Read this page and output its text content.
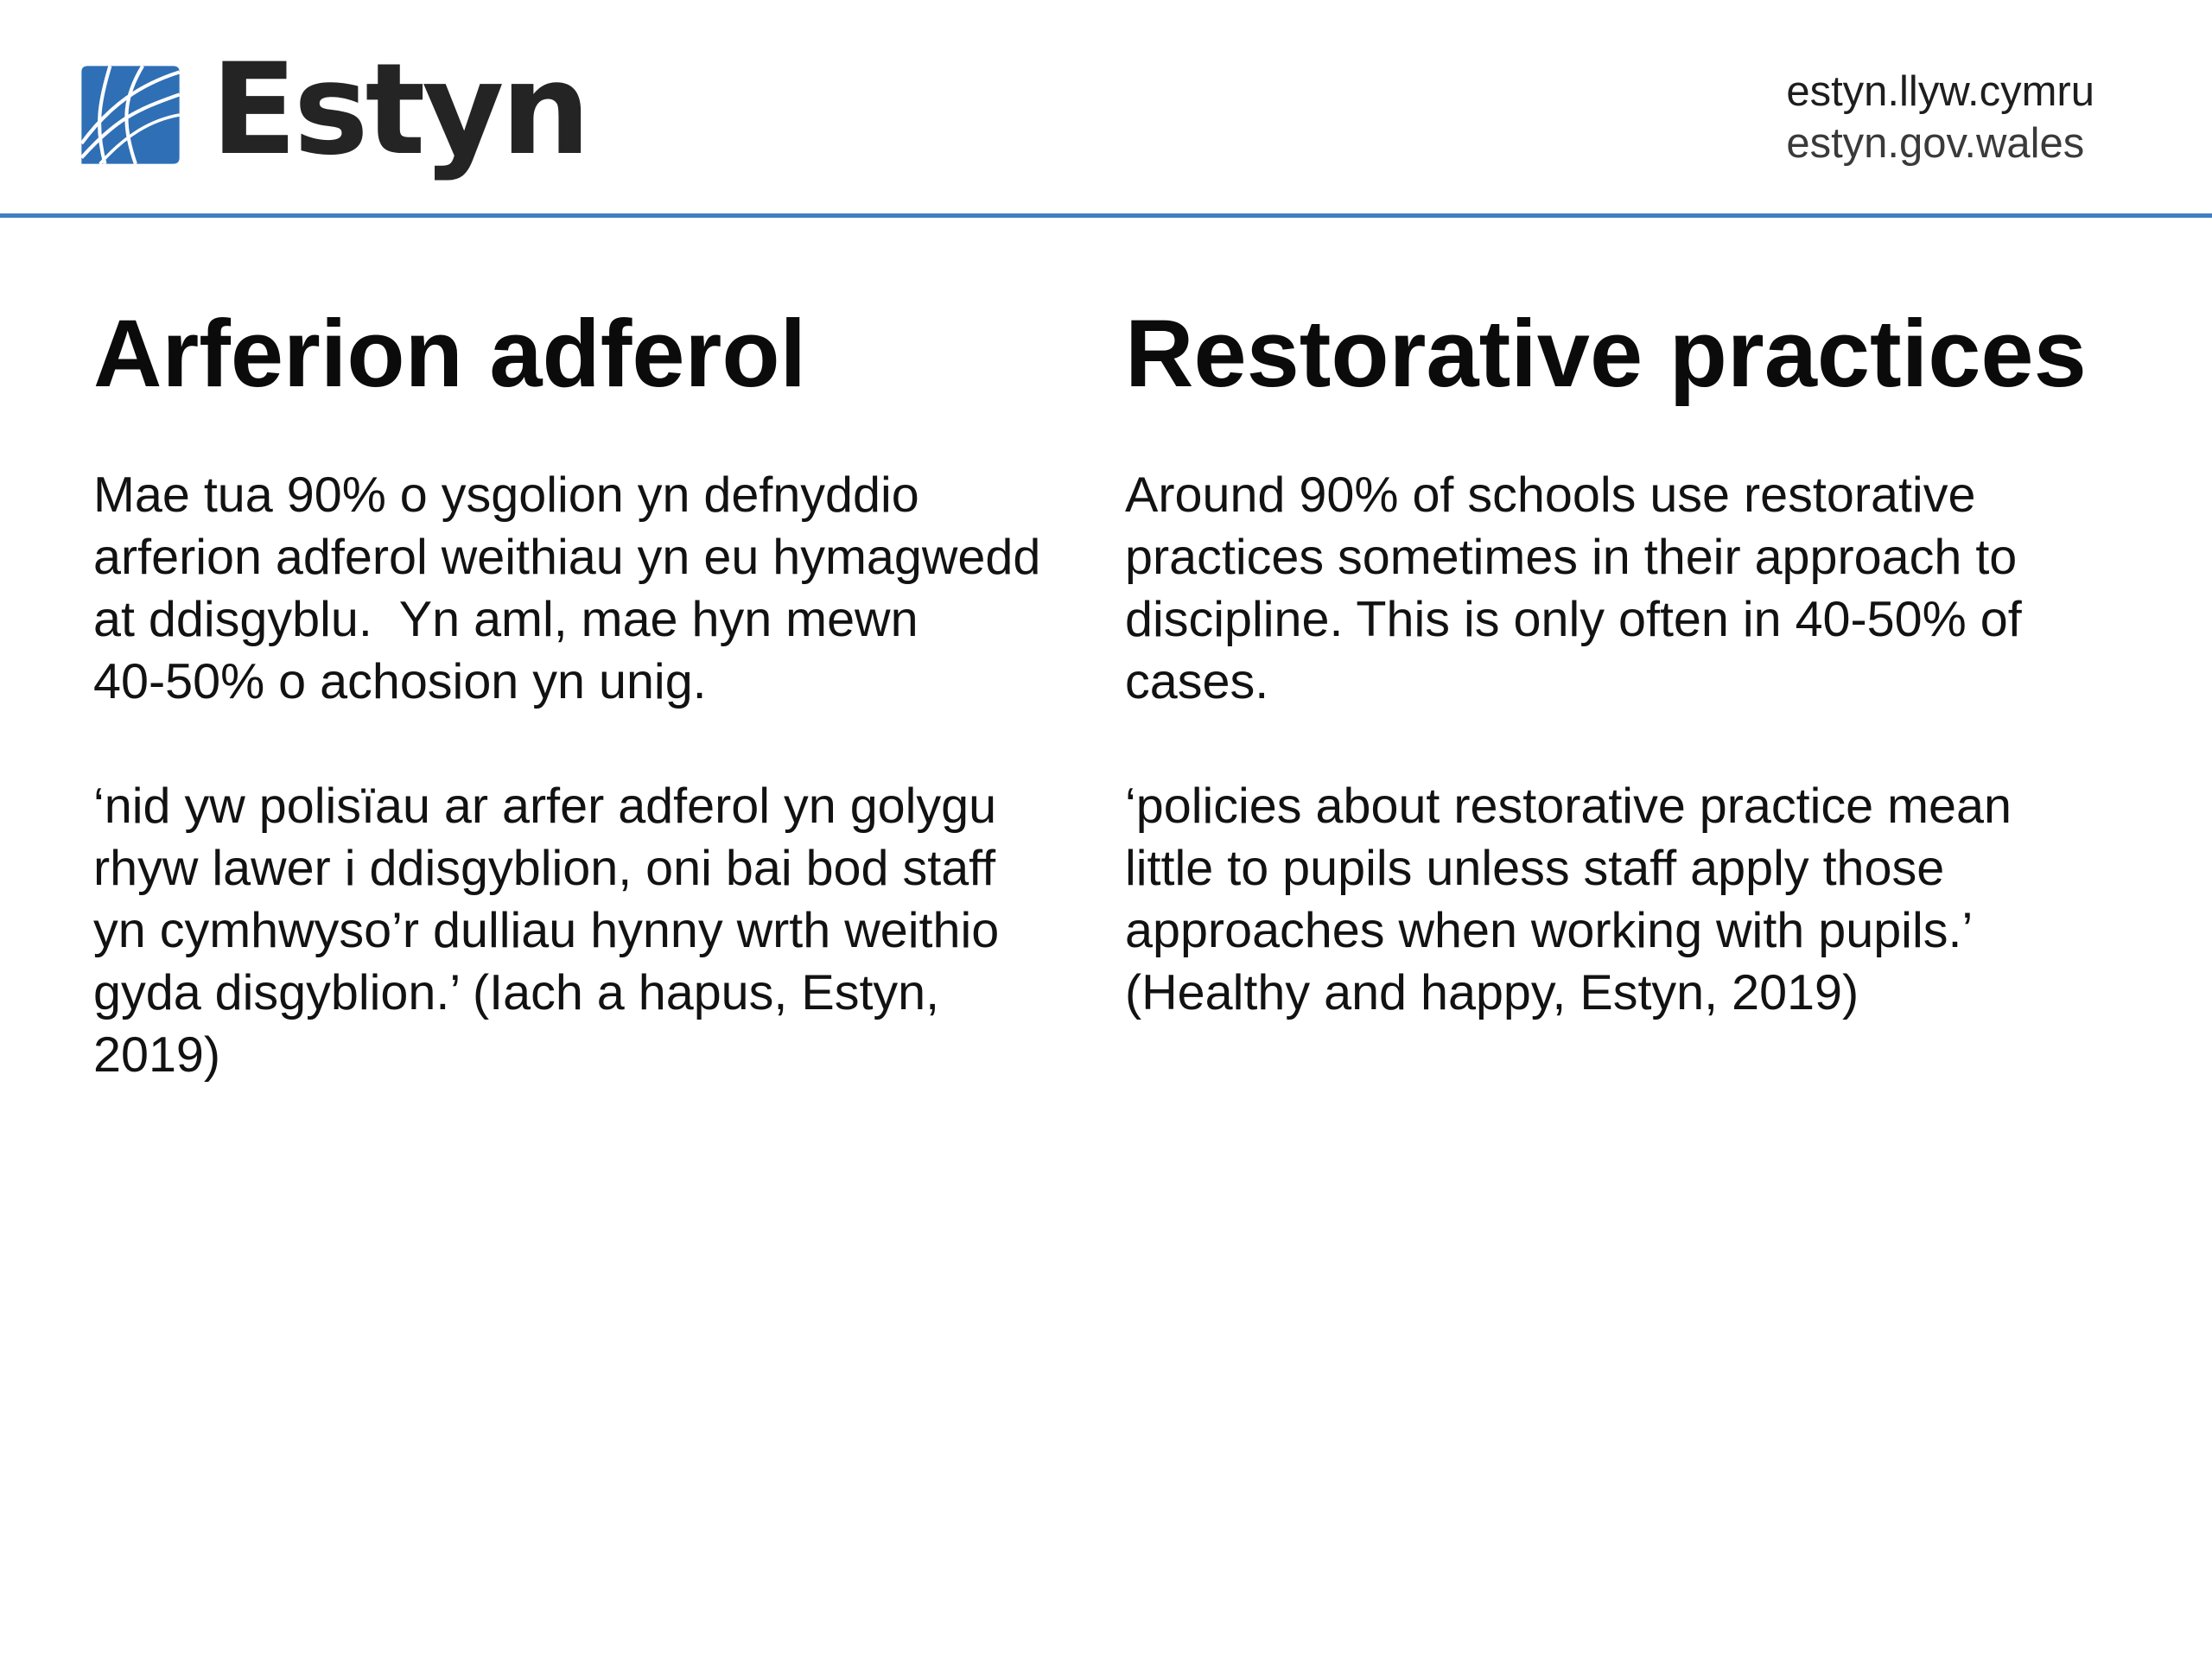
Estyn	estyn.llyw.cymru
estyn.gov.wales
Arferion adferol

Mae tua 90% o ysgolion yn defnyddio
arferion adferol weithiau yn eu hymagwedd
at ddisgyblu.  Yn aml, mae hyn mewn
40-50% o achosion yn unig.

‘nid yw polisïau ar arfer adferol yn golygu
rhyw lawer i ddisgyblion, oni bai bod staff
yn cymhwyso’r dulliau hynny wrth weithio
gyda disgyblion.’ (Iach a hapus, Estyn,
2019)

Restorative practices

Around 90% of schools use restorative
practices sometimes in their approach to
discipline. This is only often in 40-50% of
cases.

‘policies about restorative practice mean
little to pupils unless staff apply those
approaches when working with pupils.’
(Healthy and happy, Estyn, 2019)
